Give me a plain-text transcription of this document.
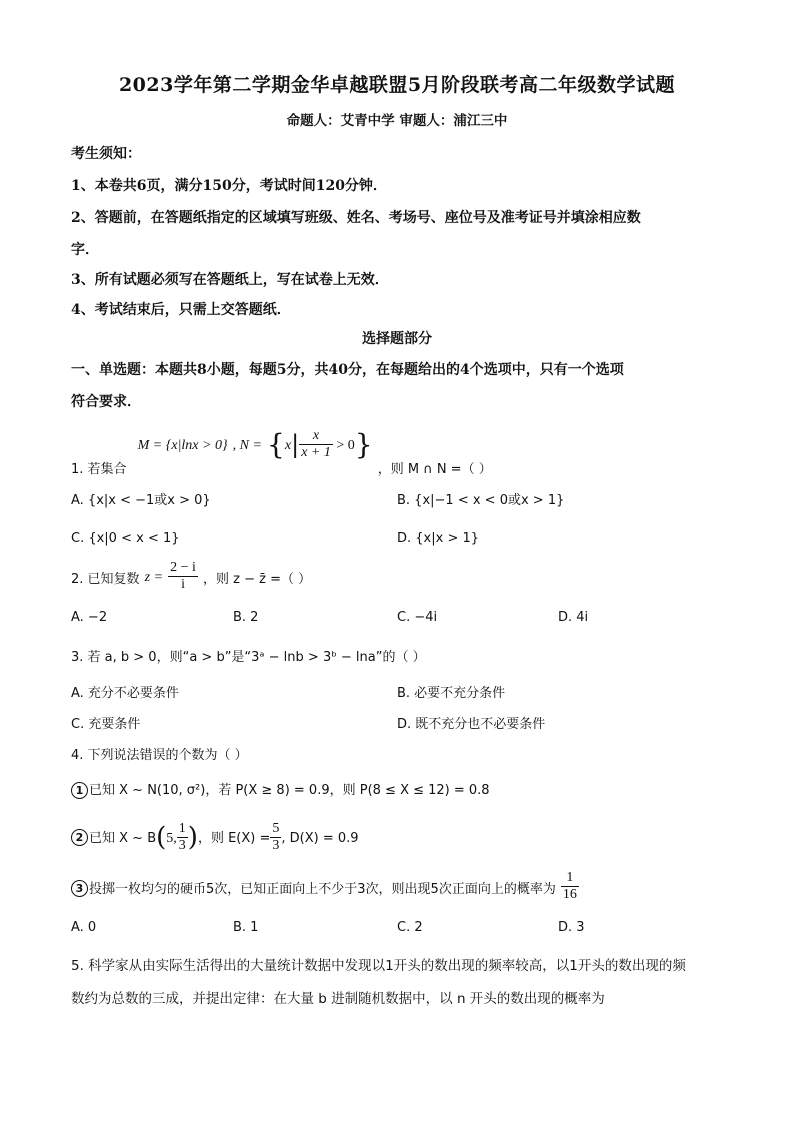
2023学年第二学期金华卓越联盟5月阶段联考高二年级数学试题
命题人：艾青中学 审题人：浦江三中
考生须知：
1、本卷共6页，满分150分，考试时间120分钟．
2、答题前，在答题纸指定的区域填写班级、姓名、考场号、座位号及准考证号并填涂相应数
字．
3、所有试题必须写在答题纸上，写在试卷上无效．
4、考试结束后，只需上交答题纸．
选择题部分
一、单选题：本题共8小题，每题5分，共40分，在每题给出的4个选项中，只有一个选项
符合要求．
$_{1. 若集合}$ M = {x|lnx > 0} , $N = \{x| \frac{x}{x + 1} > 0\}$ $_{,则 M \cap N =( )}$
A. {x|x < −1或x > 0}	B. {x|−1 < x < 0或x > 1}
C. {x|0 < x < 1}	D. {x|x > 1}
2. 已知复数 $z = \frac{2 - i}{i}$ ，则 z − z̄ =（ ）
A. −2	B. 2	C. −4i	D. 4i
3. 若 a, b > 0，则“a > b”是“3ᵃ − lnb > 3ᵇ − lna”的（ ）
A. 充分不必要条件	B. 必要不充分条件
C. 充要条件	D. 既不充分也不必要条件
4. 下列说法错误的个数为（ ）
1 已知 X ~ N(10, σ²)，若 P(X ≥ 8) = 0.9，则 P(8 ≤ X ≤ 12) = 0.8
2 已知 X ~ B(5, $\frac{1}{3}$ )，则 $E(X) = \frac{5}{3}$ , D(X) = 0.9
3 投掷一枚均匀的硬币5次，已知正面向上不少于3次，则出现5次正面向上的概率为 $\frac{1}{16}$
A. 0	B. 1	C. 2	D. 3
5. 科学家从由实际生活得出的大量统计数据中发现以1开头的数出现的频率较高，以1开头的数出现的频
数约为总数的三成，并提出定律：在大量 b 进制随机数据中，以 n 开头的数出现的概率为
